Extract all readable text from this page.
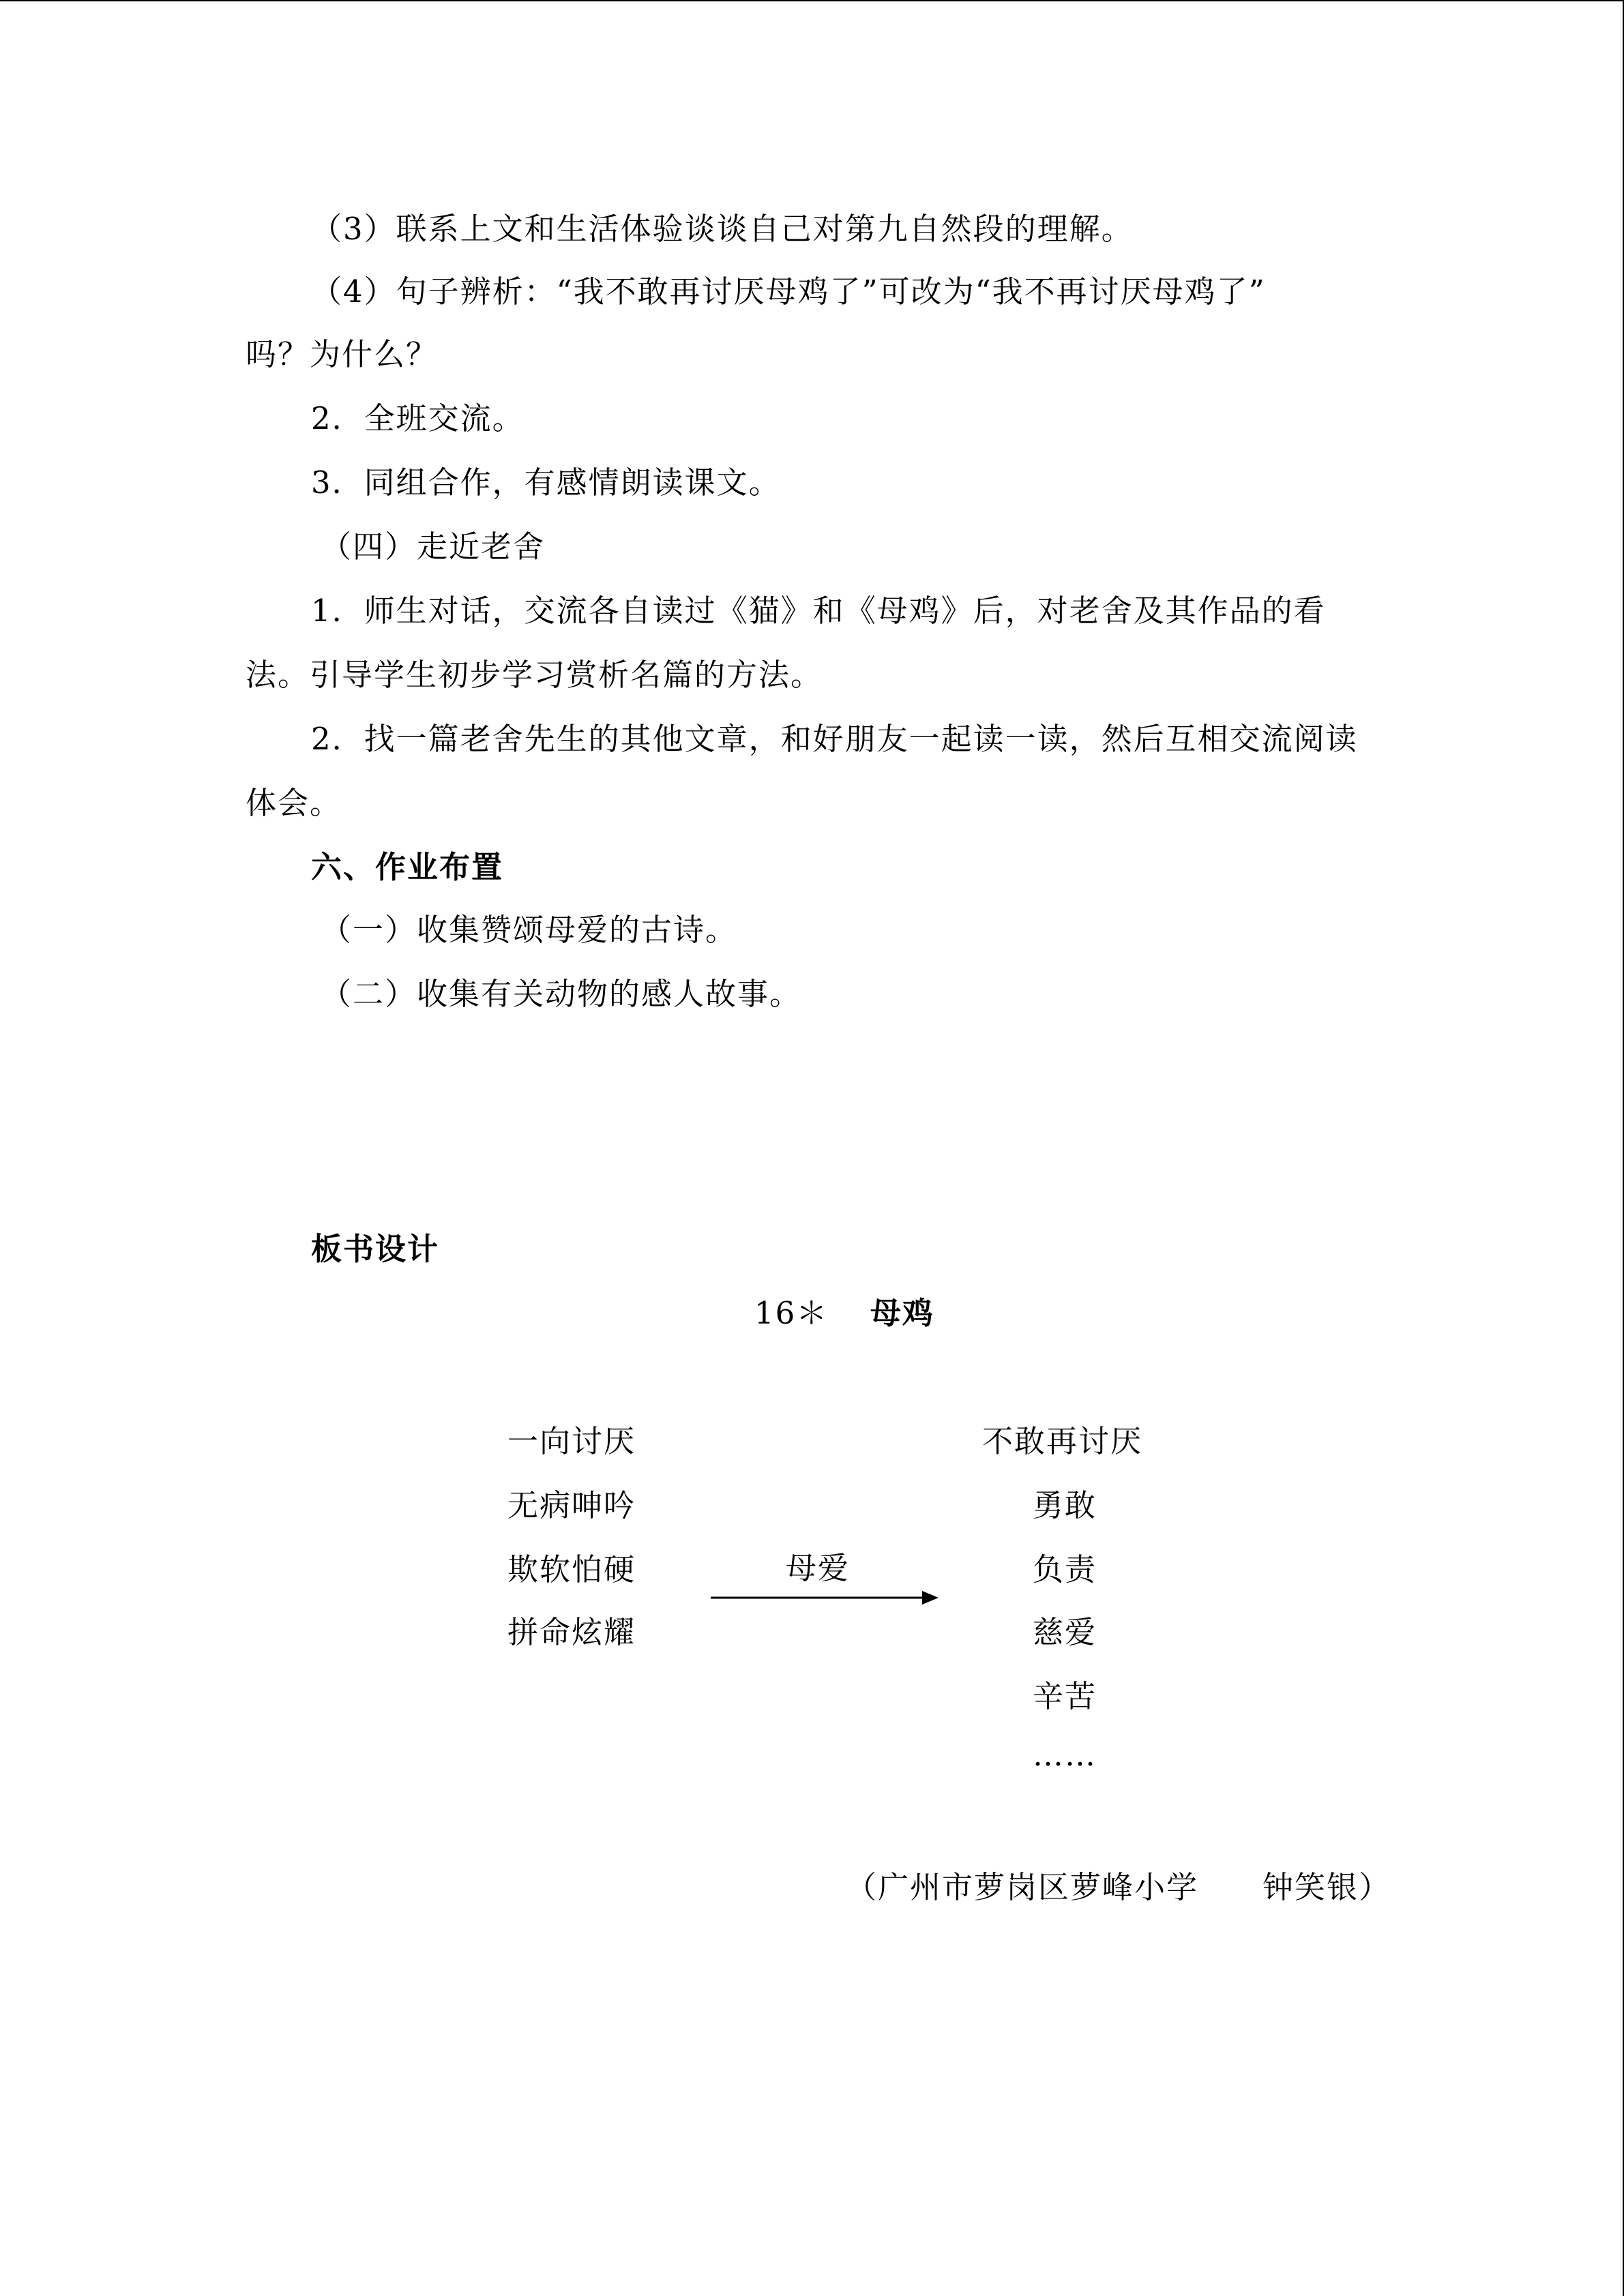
（3）联系上文和生活体验谈谈自己对第九自然段的理解。
（4）句子辨析：“我不敢再讨厌母鸡了”可改为“我不再讨厌母鸡了”
吗？为什么？
2．全班交流。
3．同组合作，有感情朗读课文。
（四）走近老舍
1．师生对话，交流各自读过《猫》和《母鸡》后，对老舍及其作品的看
法。引导学生初步学习赏析名篇的方法。
2．找一篇老舍先生的其他文章，和好朋友一起读一读，然后互相交流阅读
体会。
六、作业布置
（一）收集赞颂母爱的古诗。
（二）收集有关动物的感人故事。
板书设计
16＊ 母鸡
一向讨厌
无病呻吟
欺软怕硬
拼命炫耀
母爱
不敢再讨厌
勇敢
负责
慈爱
辛苦
……
（广州市萝岗区萝峰小学　　钟笑银）
